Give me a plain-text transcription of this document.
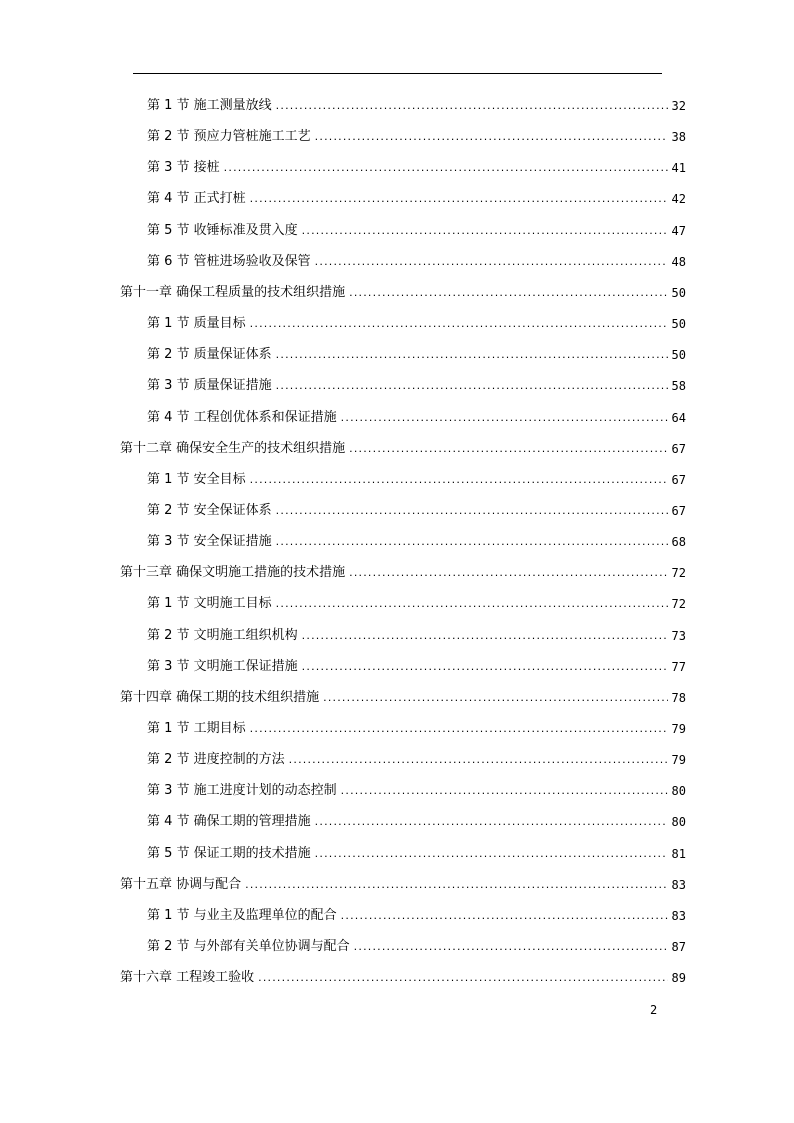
第 1 节 施工测量放线 .....	32
第 2 节 预应力管桩施工工艺 .....	38
第 3 节 接桩 .....	41
第 4 节 正式打桩 .....	42
第 5 节 收锤标准及贯入度 .....	47
第 6 节 管桩进场验收及保管 .....	48
第十一章 确保工程质量的技术组织措施 .....	50
第 1 节 质量目标 .....	50
第 2 节 质量保证体系 .....	50
第 3 节 质量保证措施 .....	58
第 4 节 工程创优体系和保证措施 .....	64
第十二章 确保安全生产的技术组织措施 .....	67
第 1 节 安全目标 .....	67
第 2 节 安全保证体系 .....	67
第 3 节 安全保证措施 .....	68
第十三章 确保文明施工措施的技术措施 .....	72
第 1 节 文明施工目标 .....	72
第 2 节 文明施工组织机构 .....	73
第 3 节 文明施工保证措施 .....	77
第十四章 确保工期的技术组织措施 .....	78
第 1 节 工期目标 .....	79
第 2 节 进度控制的方法 .....	79
第 3 节 施工进度计划的动态控制 .....	80
第 4 节 确保工期的管理措施 .....	80
第 5 节 保证工期的技术措施 .....	81
第十五章 协调与配合 .....	83
第 1 节 与业主及监理单位的配合 .....	83
第 2 节 与外部有关单位协调与配合 .....	87
第十六章 工程竣工验收 .....	89
2
